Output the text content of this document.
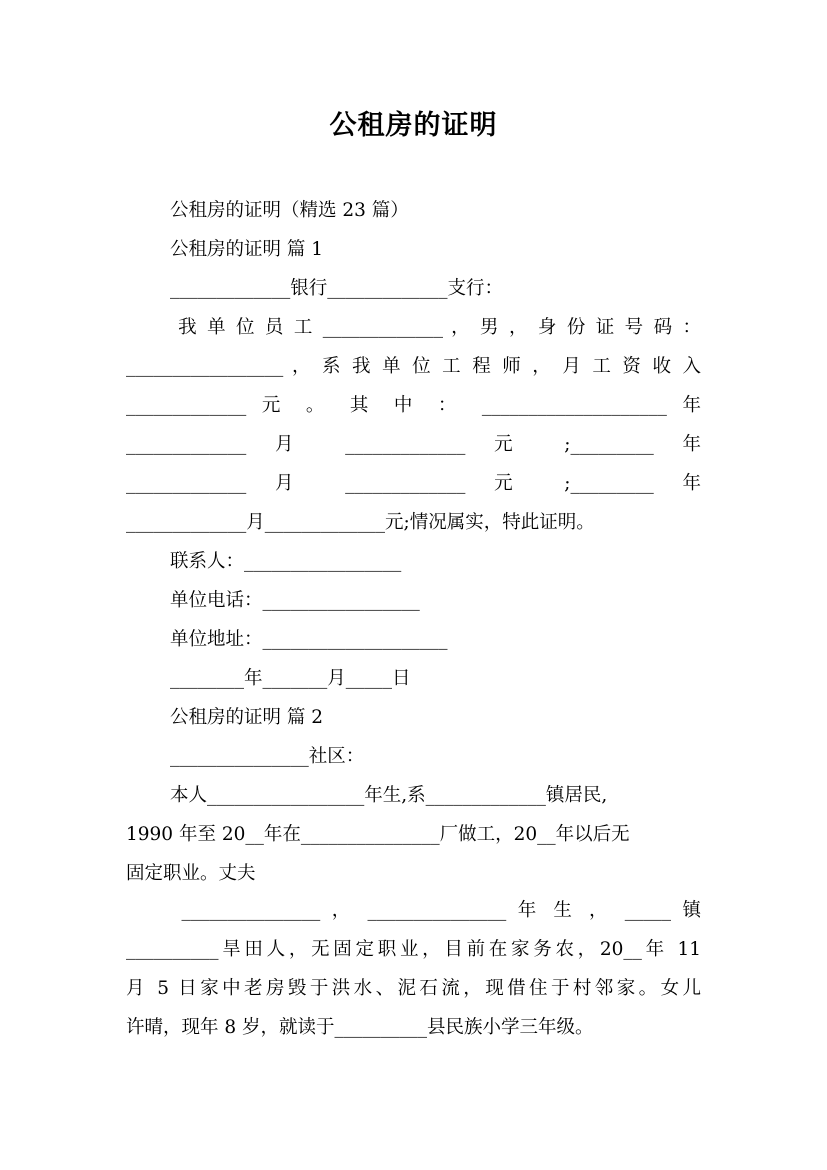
公租房的证明
公租房的证明（精选 23 篇）
公租房的证明 篇 1
_____________银行_____________支行：
我 单 位 员 工 _____________ ， 男 ， 身 份 证 号 码 ：
_________________ ， 系 我 单 位 工 程 师 ， 月 工 资 收 入
_____________ 元 。 其 中 ： ____________________ 年
_____________ 月 _____________ 元 ;_________ 年
_____________ 月 _____________ 元 ;_________ 年
_____________月_____________元;情况属实，特此证明。
联系人：_________________
单位电话：_________________
单位地址：____________________
________年_______月_____日
公租房的证明 篇 2
_______________社区：
本人_________________年生,系_____________镇居民,
1990 年至 20__年在_______________厂做工，20__年以后无
固定职业。丈夫
_______________ ， _______________ 年 生 ， _____ 镇
__________旱田人，无固定职业，目前在家务农，20__年 11
月 5 日家中老房毁于洪水、泥石流，现借住于村邻家。女儿
许晴，现年 8 岁，就读于__________县民族小学三年级。
